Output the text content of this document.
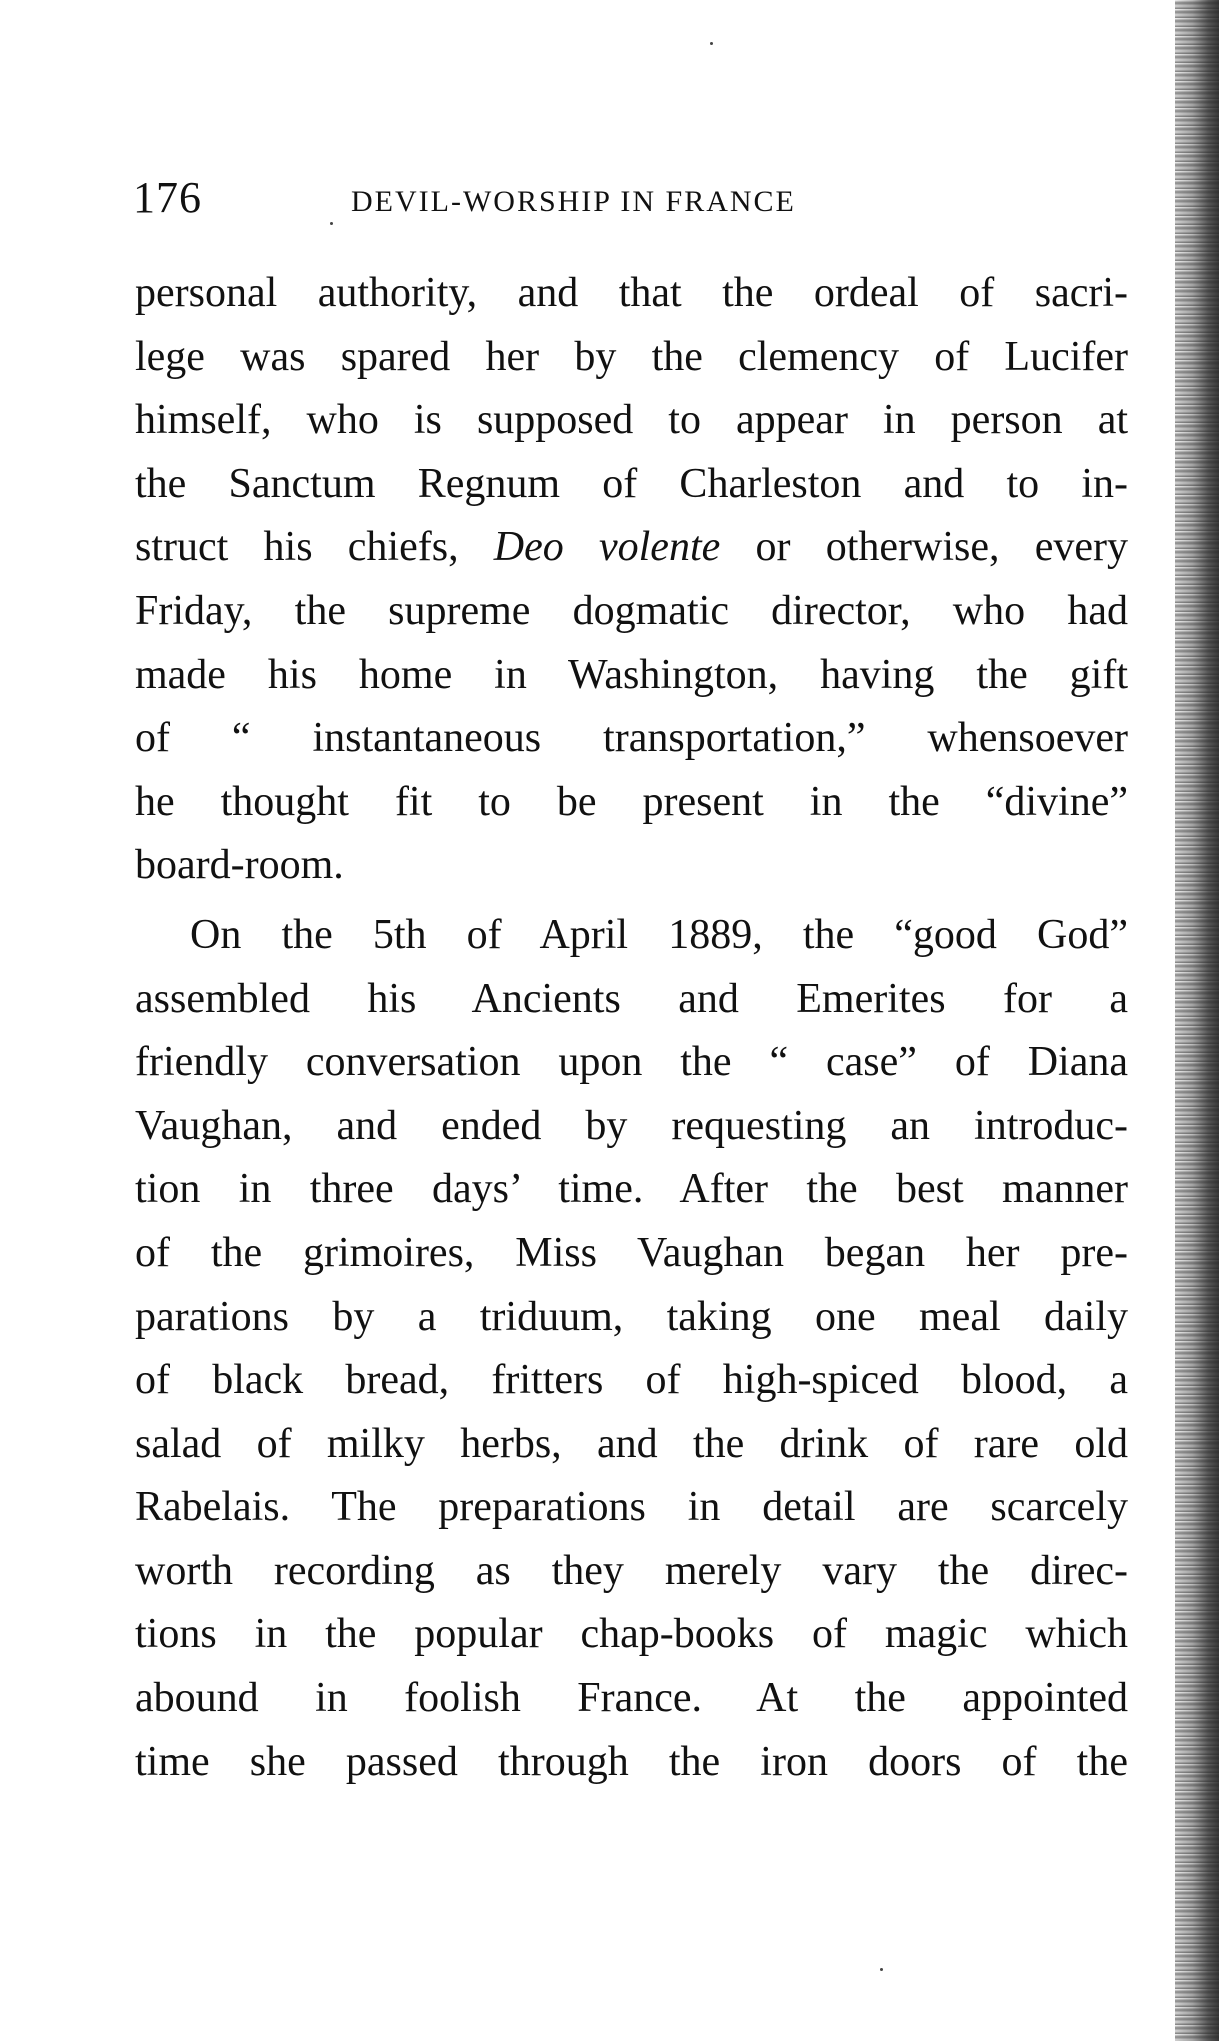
176	DEVIL-WORSHIP IN FRANCE
personal authority, and that the ordeal of sacri-
lege was spared her by the clemency of Lucifer
himself, who is supposed to appear in person at
the Sanctum Regnum of Charleston and to in-
struct his chiefs, Deo volente or otherwise, every
Friday, the supreme dogmatic director, who had
made his home in Washington, having the gift
of “ instantaneous transportation,” whensoever
he thought fit to be present in the “divine”
board-room.
On the 5th of April 1889, the “good God”
assembled his Ancients and Emerites for a
friendly conversation upon the “ case” of Diana
Vaughan, and ended by requesting an introduc-
tion in three days’ time. After the best manner
of the grimoires, Miss Vaughan began her pre-
parations by a triduum, taking one meal daily
of black bread, fritters of high-spiced blood, a
salad of milky herbs, and the drink of rare old
Rabelais. The preparations in detail are scarcely
worth recording as they merely vary the direc-
tions in the popular chap-books of magic which
abound in foolish France. At the appointed
time she passed through the iron doors of the
